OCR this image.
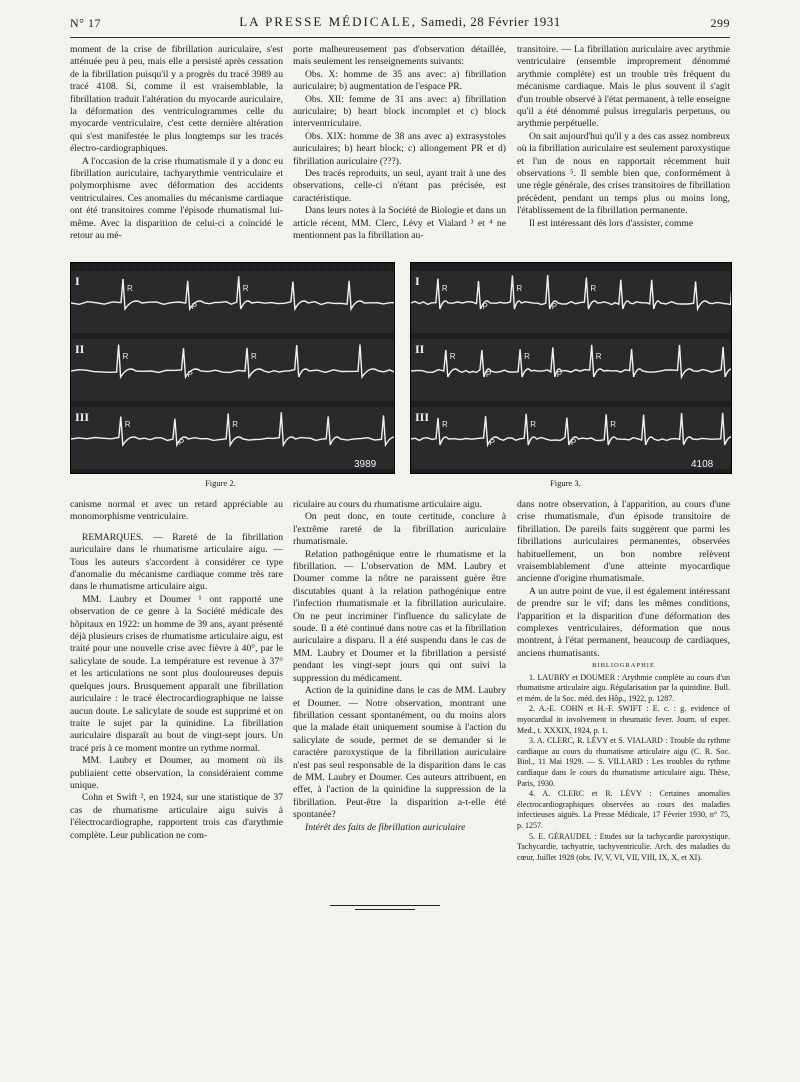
N° 17	LA PRESSE MÉDICALE, Samedi, 28 Février 1931	299

moment de la crise de fibrillation auriculaire, s'est atténuée peu à peu, mais elle a persisté après cessation de la fibrillation puisqu'il y a progrès du tracé 3989 au tracé 4108. Si, comme il est vraisemblable, la fibrillation traduit l'altération du myocarde auriculaire, la déformation des ventriculogrammes celle du myocarde ventriculaire, c'est cette dernière altération qui s'est manifestée le plus longtemps sur les tracés électro-cardiographiques.

A l'occasion de la crise rhumatismale il y a donc eu fibrillation auriculaire, tachyarythmie ventriculaire et polymorphisme avec déformation des accidents ventriculaires. Ces anomalies du mécanisme cardiaque ont été transitoires comme l'épisode rhumatismal lui-même. Avec la disparition de celui-ci a coïncidé le retour au mé-

porte malheureusement pas d'observation détaillée, mais seulement les renseignements suivants:

Obs. X: homme de 35 ans avec: a) fibrillation auriculaire; b) augmentation de l'espace PR.

Obs. XII: femme de 31 ans avec: a) fibrillation auriculaire; b) heart block incomplet et c) block interventriculaire.

Obs. XIX: homme de 38 ans avec a) extrasystoles auriculaires; b) heart block; c) allongement PR et d) fibrillation auriculaire (???).

Des tracés reproduits, un seul, ayant trait à une des observations, celle-ci n'étant pas précisée, est caractéristique.

Dans leurs notes à la Société de Biologie et dans un article récent, MM. Clerc, Lévy et Vialard ³ et ⁴ ne mentionnent pas la fibrillation au-

transitoire. — La fibrillation auriculaire avec arythmie ventriculaire (ensemble improprement dénommé arythmie complète) est un trouble très fréquent du mécanisme cardiaque. Mais le plus souvent il s'agit d'un trouble observé à l'état permanent, à telle enseigne qu'il a été dénommé pulsus irregularis perpetuus, ou arythmie perpétuelle.

On sait aujourd'hui qu'il y a des cas assez nombreux où la fibrillation auriculaire est seulement paroxystique et l'un de nous en rapportait récemment huit observations ⁵. Il semble bien que, conformément à une règle générale, des crises transitoires de fibrillation précèdent, pendant un temps plus ou moins long, l'établissement de la fibrillation permanente.

Il est intéressant dès lors d'assister, comme

I
R
P
R
II
R
P
R
III
R
P
R
3989
I
R
P
R
P
R
II
R
P
R
P
R
III
R
P
R
P
R
4108
Figure 2.	Figure 3.

canisme normal et avec un retard appréciable au monomorphisme ventriculaire.

REMARQUES. — Rareté de la fibrillation auriculaire dans le rhumatisme articulaire aigu. — Tous les auteurs s'accordent à considérer ce type d'anomalie du mécanisme cardiaque comme très rare dans le rhumatisme articulaire aigu.

MM. Laubry et Doumer ¹ ont rapporté une observation de ce genre à la Société médicale des hôpitaux en 1922: un homme de 39 ans, ayant présenté déjà plusieurs crises de rhumatisme articulaire aigu, est traité pour une nouvelle crise avec fièvre à 40°, par le salicylate de soude. La température est revenue à 37° et les articulations ne sont plus douloureuses depuis quelques jours. Brusquement apparaît une fibrillation auriculaire : le tracé électrocardiographique ne laisse aucun doute. Le salicylate de soude est supprimé et on traite le sujet par la quinidine. La fibrillation auriculaire disparaît au bout de vingt-sept jours. Un tracé pris à ce moment montre un rythme normal.

MM. Laubry et Doumer, au moment où ils publiaient cette observation, la considéraient comme unique.

Cohn et Swift ², en 1924, sur une statistique de 37 cas de rhumatisme articulaire aigu suivis à l'électrocardiographe, rapportent trois cas d'arythmie complète. Leur publication ne com-

riculaire au cours du rhumatisme articulaire aigu.

On peut donc, en toute certitude, conclure à l'extrême rareté de la fibrillation auriculaire rhumatismale.

Relation pathogénique entre le rhumatisme et la fibrillation. — L'observation de MM. Laubry et Doumer comme la nôtre ne paraissent guère être discutables quant à la relation pathogénique entre l'infection rhumatismale et la fibrillation auriculaire. On ne peut incriminer l'influence du salicylate de soude. Il a été continué dans notre cas et la fibrillation auriculaire a disparu. Il a été suspendu dans le cas de MM. Laubry et Doumer et la fibrillation a persisté pendant les vingt-sept jours qui ont suivi la suppression du médicament.

Action de la quinidine dans le cas de MM. Laubry et Doumer. — Notre observation, montrant une fibrillation cessant spontanément, ou du moins alors que la malade était uniquement soumise à l'action du salicylate de soude, permet de se demander si le caractère paroxystique de la fibrillation auriculaire n'est pas seul responsable de la disparition dans le cas de MM. Laubry et Doumer. Ces auteurs attribuent, en effet, à l'action de la quinidine la suppression de la fibrillation. Peut-être la disparition a-t-elle été spontanée?

Intérêt des faits de fibrillation auriculaire

dans notre observation, à l'apparition, au cours d'une crise rhumatismale, d'un épisode transitoire de fibrillation. De pareils faits suggèrent que parmi les fibrillations auriculaires permanentes, observées habituellement, un bon nombre relèvent vraisemblablement d'une atteinte myocardique ancienne d'origine rhumatismale.

A un autre point de vue, il est également intéressant de prendre sur le vif; dans les mêmes conditions, l'apparition et la disparition d'une déformation des complexes ventriculaires, déformation que nous montrent, à l'état permanent, beaucoup de cardiaques, anciens rhumatisants.

BIBLIOGRAPHIE

1. LAUBRY et DOUMER : Arythmie complète au cours d'un rhumatisme articulaire aigu. Régularisation par la quinidine. Bull. et mém. de la Soc. méd. des Hôp., 1922, p. 1287.

2. A.-E. COHN et H.-F. SWIFT : E. c. : g. evidence of myocardial in involvement in rheumatic fever. Journ. of exper. Med., t. XXXIX, 1924, p. 1.

3. A. CLERC, R. LÉVY et S. VIALARD : Trouble du rythme cardiaque au cours du rhumatisme articulaire aigu (C. R. Soc. Biol., 11 Mai 1929. — S. VILLARD : Les troubles du rythme cardiaque dans le cours du rhumatisme articulaire aigu. Thèse, Paris, 1930.

4. A. CLERC et R. LÉVY : Certaines anomalies électrocardiographiques observées au cours des maladies infectieuses aiguës. La Presse Médicale, 17 Février 1930, n° 75, p. 1257.

5. E. GÉRAUDEL : Etudes sur la tachycardie paroxystique. Tachycardie, tachyatrie, tachyventriculie. Arch. des maladies du cœur, Juillet 1928 (obs. IV, V, VI, VII, VIII, IX, X, et XI).
